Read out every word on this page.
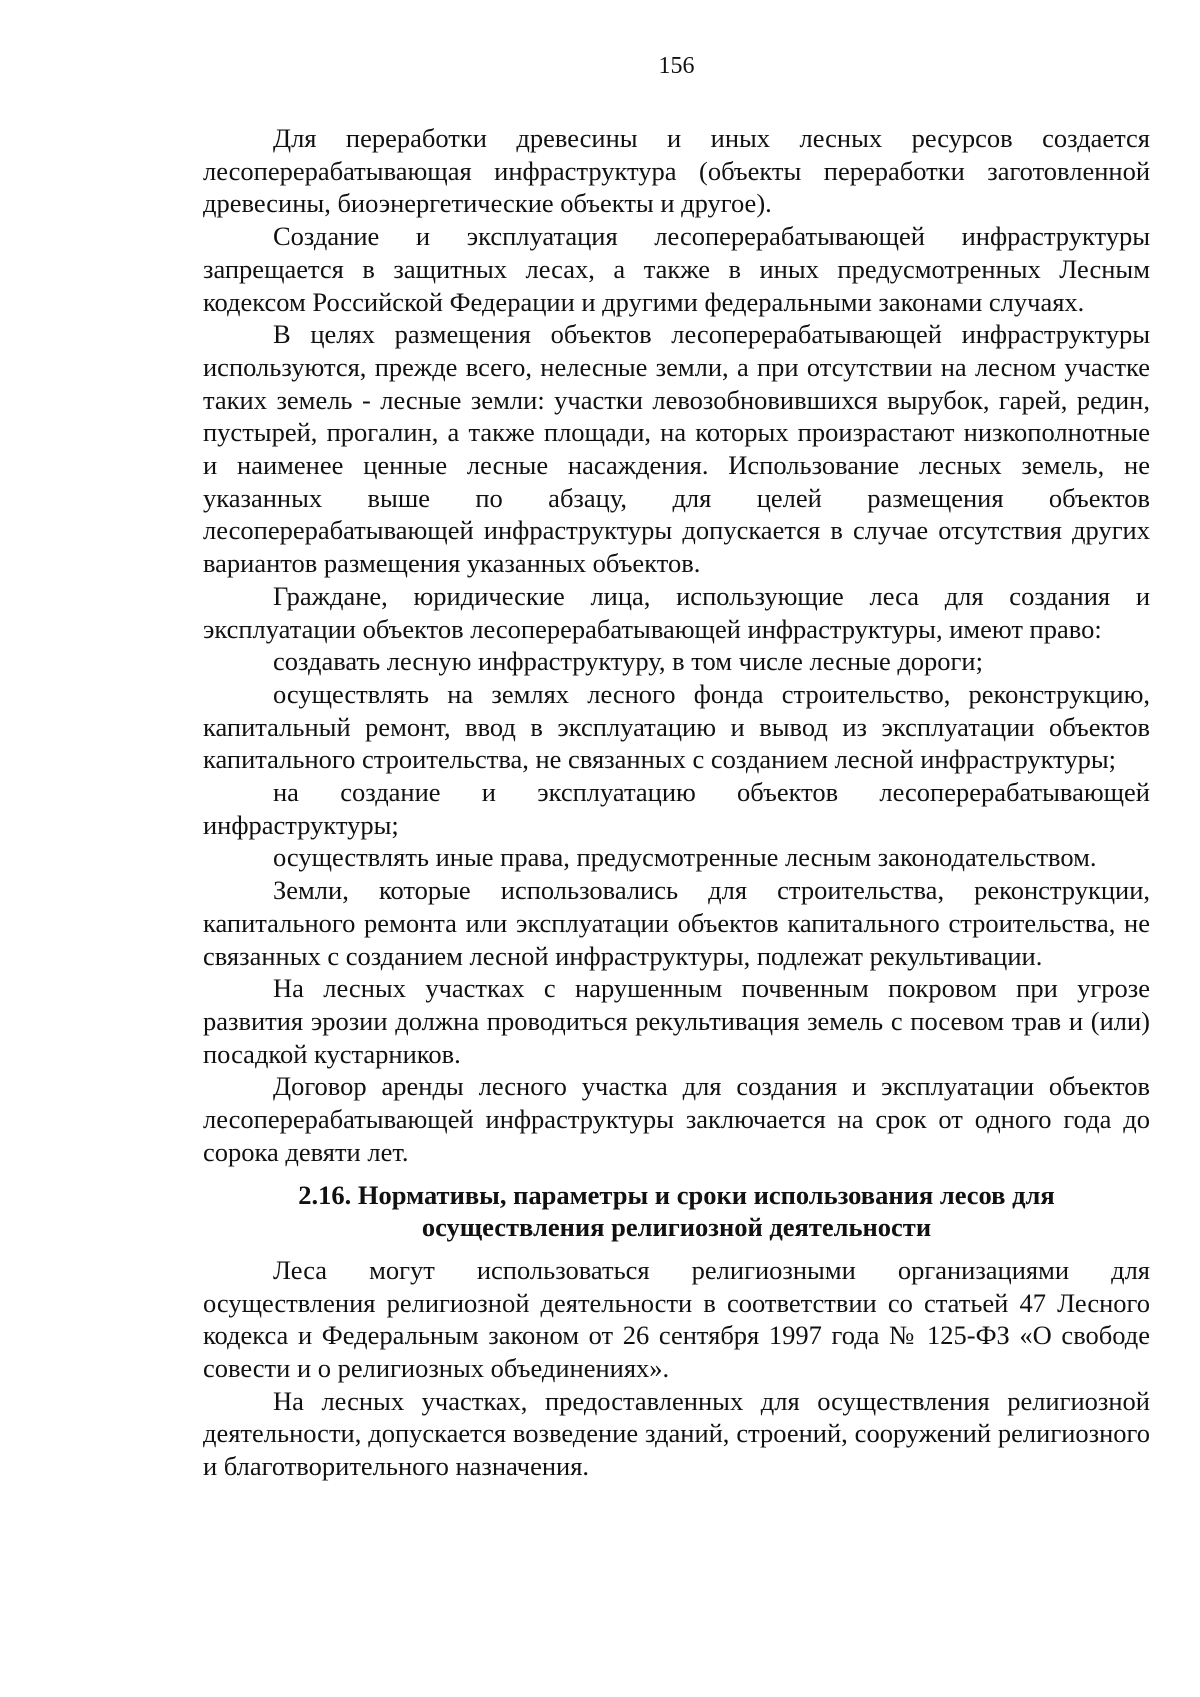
156

Для переработки древесины и иных лесных ресурсов создается лесоперерабатывающая инфраструктура (объекты переработки заготовленной древесины, биоэнергетические объекты и другое).

Создание и эксплуатация лесоперерабатывающей инфраструктуры запрещается в защитных лесах, а также в иных предусмотренных Лесным кодексом Российской Федерации и другими федеральными законами случаях.

В целях размещения объектов лесоперерабатывающей инфраструктуры используются, прежде всего, нелесные земли, а при отсутствии на лесном участке таких земель - лесные земли: участки левозобновившихся вырубок, гарей, редин, пустырей, прогалин, а также площади, на которых произрастают низкополнотные и наименее ценные лесные насаждения. Использование лесных земель, не указанных выше по абзацу, для целей размещения объектов лесоперерабатывающей инфраструктуры допускается в случае отсутствия других вариантов размещения указанных объектов.

Граждане, юридические лица, использующие леса для создания и эксплуатации объектов лесоперерабатывающей инфраструктуры, имеют право:

создавать лесную инфраструктуру, в том числе лесные дороги;

осуществлять на землях лесного фонда строительство, реконструкцию, капитальный ремонт, ввод в эксплуатацию и вывод из эксплуатации объектов капитального строительства, не связанных с созданием лесной инфраструктуры;

на создание и эксплуатацию объектов лесоперерабатывающей инфраструктуры;

осуществлять иные права, предусмотренные лесным законодательством.

Земли, которые использовались для строительства, реконструкции, капитального ремонта или эксплуатации объектов капитального строительства, не связанных с созданием лесной инфраструктуры, подлежат рекультивации.

На лесных участках с нарушенным почвенным покровом при угрозе развития эрозии должна проводиться рекультивация земель с посевом трав и (или) посадкой кустарников.

Договор аренды лесного участка для создания и эксплуатации объектов лесоперерабатывающей инфраструктуры заключается на срок от одного года до сорока девяти лет.

2.16. Нормативы, параметры и сроки использования лесов для осуществления религиозной деятельности

Леса могут использоваться религиозными организациями для осуществления религиозной деятельности в соответствии со статьей 47 Лесного кодекса и Федеральным законом от 26 сентября 1997 года № 125-ФЗ «О свободе совести и о религиозных объединениях».

На лесных участках, предоставленных для осуществления религиозной деятельности, допускается возведение зданий, строений, сооружений религиозного и благотворительного назначения.
